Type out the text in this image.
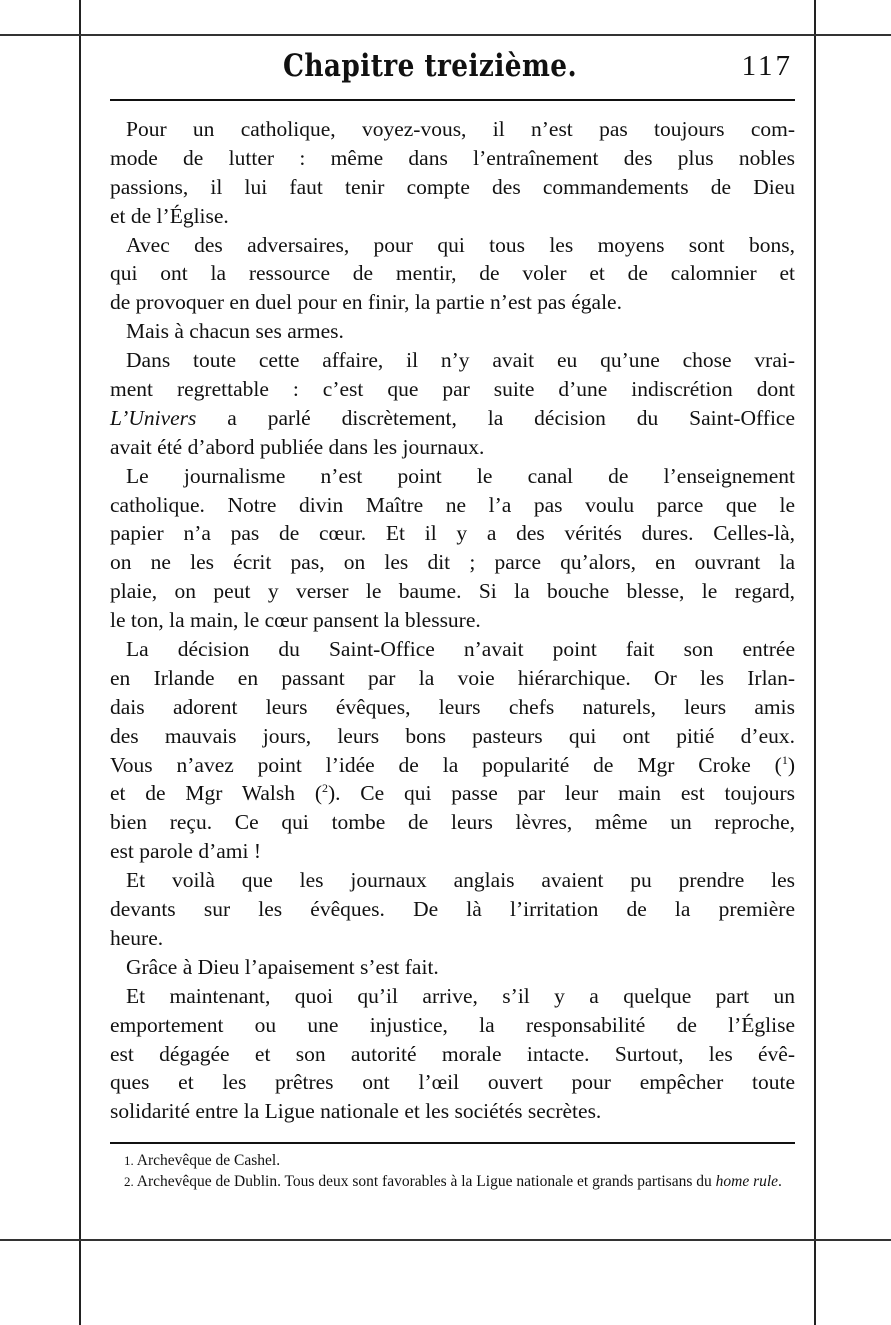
Chapitre treizième.	117
Pour un catholique, voyez-vous, il n’est pas toujours com-
mode de lutter : même dans l’entraînement des plus nobles
passions, il lui faut tenir compte des commandements de Dieu
et de l’Église.
Avec des adversaires, pour qui tous les moyens sont bons,
qui ont la ressource de mentir, de voler et de calomnier et
de provoquer en duel pour en finir, la partie n’est pas égale.
Mais à chacun ses armes.
Dans toute cette affaire, il n’y avait eu qu’une chose vrai-
ment regrettable : c’est que par suite d’une indiscrétion dont
L’Univers a parlé discrètement, la décision du Saint-Office
avait été d’abord publiée dans les journaux.
Le journalisme n’est point le canal de l’enseignement
catholique. Notre divin Maître ne l’a pas voulu parce que le
papier n’a pas de cœur. Et il y a des vérités dures. Celles-là,
on ne les écrit pas, on les dit ; parce qu’alors, en ouvrant la
plaie, on peut y verser le baume. Si la bouche blesse, le regard,
le ton, la main, le cœur pansent la blessure.
La décision du Saint-Office n’avait point fait son entrée
en Irlande en passant par la voie hiérarchique. Or les Irlan-
dais adorent leurs évêques, leurs chefs naturels, leurs amis
des mauvais jours, leurs bons pasteurs qui ont pitié d’eux.
Vous n’avez point l’idée de la popularité de Mgr Croke ($^1$)
et de Mgr Walsh ($^2$). Ce qui passe par leur main est toujours
bien reçu. Ce qui tombe de leurs lèvres, même un reproche,
est parole d’ami !
Et voilà que les journaux anglais avaient pu prendre les
devants sur les évêques. De là l’irritation de la première
heure.
Grâce à Dieu l’apaisement s’est fait.
Et maintenant, quoi qu’il arrive, s’il y a quelque part un
emportement ou une injustice, la responsabilité de l’Église
est dégagée et son autorité morale intacte. Surtout, les évê-
ques et les prêtres ont l’œil ouvert pour empêcher toute
solidarité entre la Ligue nationale et les sociétés secrètes.
1. Archevêque de Cashel.
2. Archevêque de Dublin. Tous deux sont favorables à la Ligue nationale et grands partisans du home rule.
